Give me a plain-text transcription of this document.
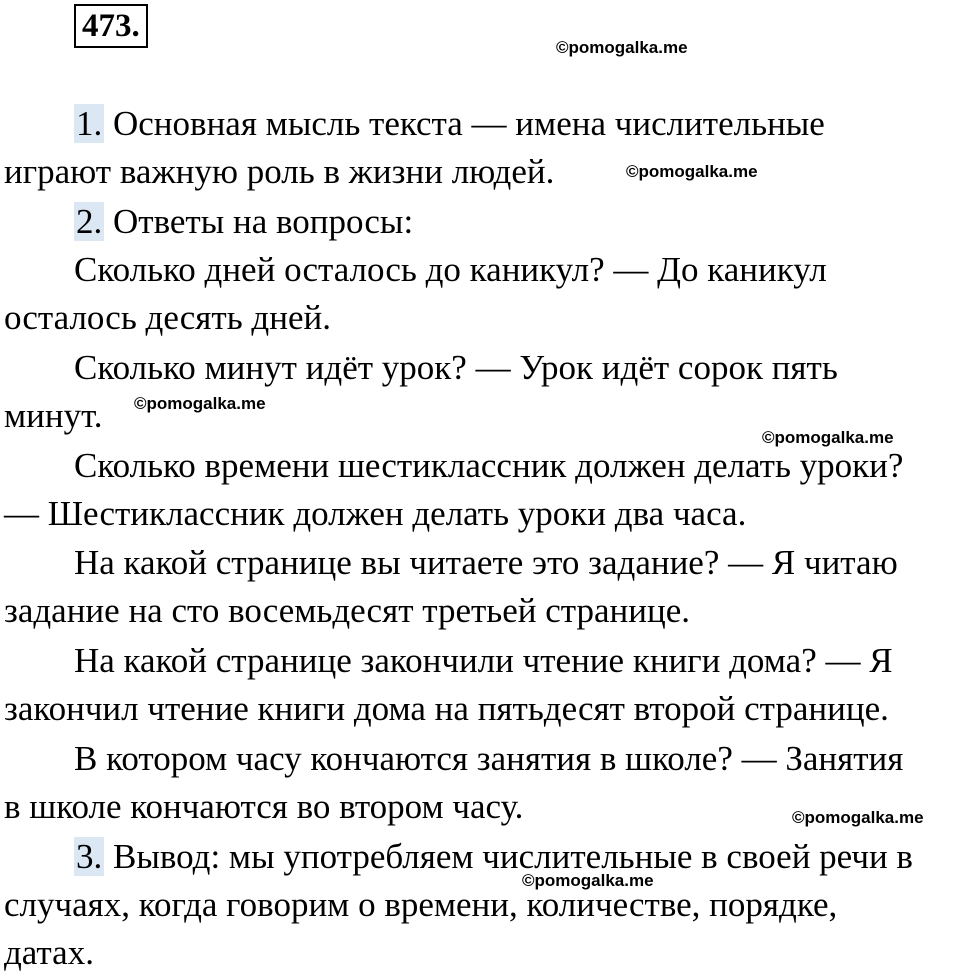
473.
©pomogalka.me
1. Основная мысль текста — имена числительные
играют важную роль в жизни людей.	©pomogalka.me
2. Ответы на вопросы:
Сколько дней осталось до каникул? — До каникул
осталось десять дней.
Сколько минут идёт урок? — Урок идёт сорок пять
минут. ©pomogalka.me
©pomogalka.me
Сколько времени шестиклассник должен делать уроки?
— Шестиклассник должен делать уроки два часа.
На какой странице вы читаете это задание? — Я читаю
задание на сто восемьдесят третьей странице.
На какой странице закончили чтение книги дома? — Я
закончил чтение книги дома на пятьдесят второй странице.
В котором часу кончаются занятия в школе? — Занятия
в школе кончаются во втором часу.	©pomogalka.me
3. Вывод: мы употребляем числительные в своей речи в
©pomogalka.me
случаях, когда говорим о времени, количестве, порядке,
датах.
